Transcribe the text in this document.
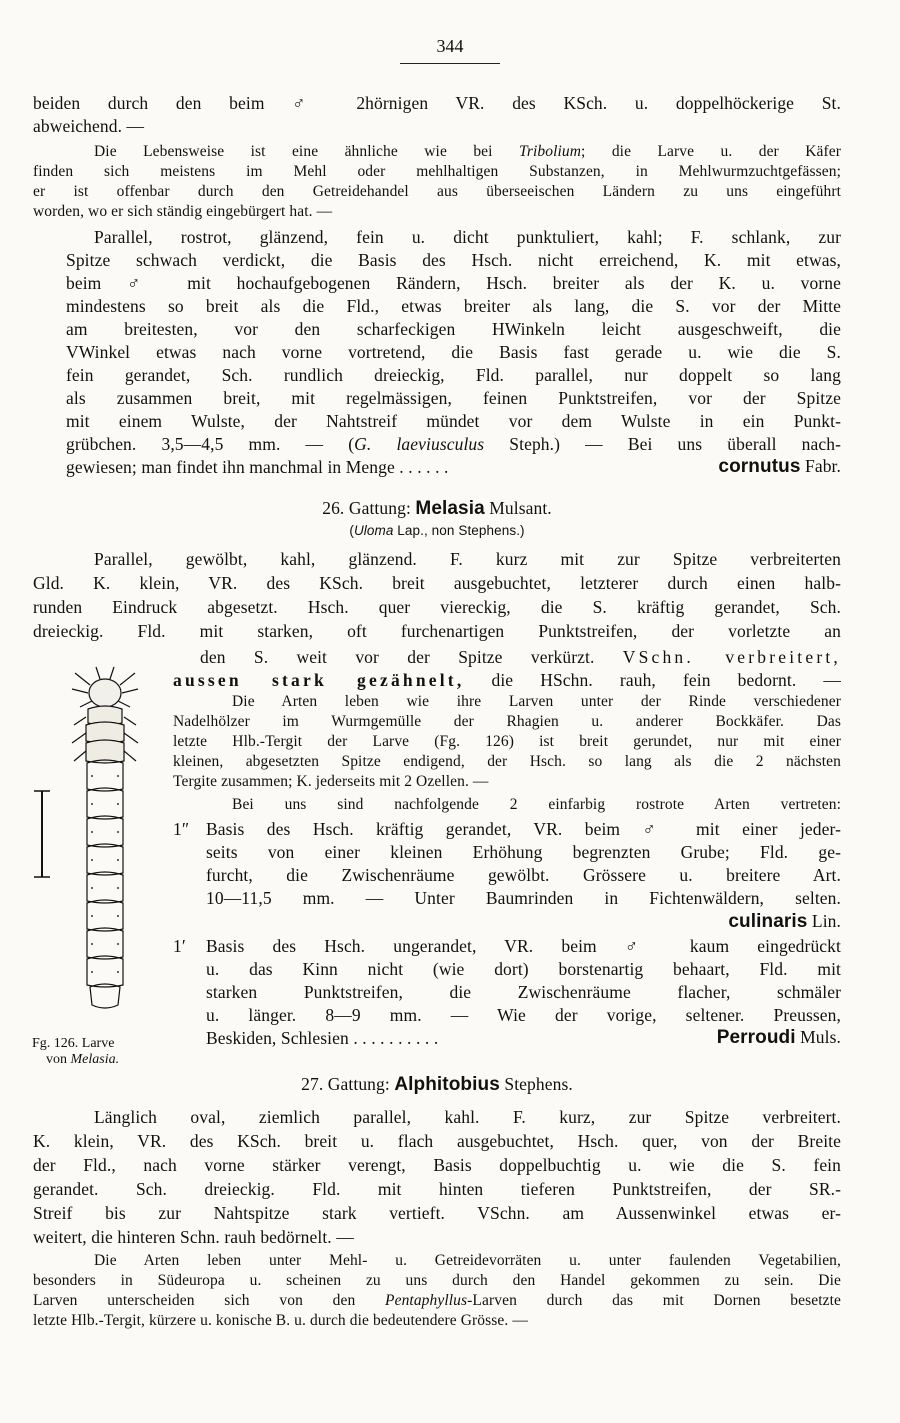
344
beiden durch den beim ♂ 2hörnigen VR. des KSch. u. doppelhöckerige St.
abweichend. —
Die Lebensweise ist eine ähnliche wie bei Tribolium; die Larve u. der Käfer
finden sich meistens im Mehl oder mehlhaltigen Substanzen, in Mehlwurmzuchtgefässen;
er ist offenbar durch den Getreidehandel aus überseeischen Ländern zu uns eingeführt
worden, wo er sich ständig eingebürgert hat. —
Parallel, rostrot, glänzend, fein u. dicht punktuliert, kahl; F. schlank, zur
Spitze schwach verdickt, die Basis des Hsch. nicht erreichend, K. mit etwas,
beim ♂ mit hochaufgebogenen Rändern, Hsch. breiter als der K. u. vorne
mindestens so breit als die Fld., etwas breiter als lang, die S. vor der Mitte
am breitesten, vor den scharfeckigen HWinkeln leicht ausgeschweift, die
VWinkel etwas nach vorne vortretend, die Basis fast gerade u. wie die S.
fein gerandet, Sch. rundlich dreieckig, Fld. parallel, nur doppelt so lang
als zusammen breit, mit regelmässigen, feinen Punktstreifen, vor der Spitze
mit einem Wulste, der Nahtstreif mündet vor dem Wulste in ein Punkt-
grübchen. 3,5—4,5 mm. — (G. laeviusculus Steph.) — Bei uns überall nach-
gewiesen; man findet ihn manchmal in Menge . . . . . .	cornutus Fabr.
26. Gattung: Melasia Mulsant.
(Uloma Lap., non Stephens.)
Parallel, gewölbt, kahl, glänzend. F. kurz mit zur Spitze verbreiterten
Gld. K. klein, VR. des KSch. breit ausgebuchtet, letzterer durch einen halb-
runden Eindruck abgesetzt. Hsch. quer viereckig, die S. kräftig gerandet, Sch.
dreieckig. Fld. mit starken, oft furchenartigen Punktstreifen, der vorletzte an
den S. weit vor der Spitze verkürzt. VSchn. verbreitert,
aussen stark gezähnelt, die HSchn. rauh, fein bedornt. —
Die Arten leben wie ihre Larven unter der Rinde verschiedener
Nadelhölzer im Wurmgemülle der Rhagien u. anderer Bockkäfer. Das
letzte Hlb.-Tergit der Larve (Fg. 126) ist breit gerundet, nur mit einer
kleinen, abgesetzten Spitze endigend, der Hsch. so lang als die 2 nächsten
Tergite zusammen; K. jederseits mit 2 Ozellen. —
Bei uns sind nachfolgende 2 einfarbig rostrote Arten vertreten:
1″ Basis des Hsch. kräftig gerandet, VR. beim ♂ mit einer jeder-
seits von einer kleinen Erhöhung begrenzten Grube; Fld. ge-
furcht, die Zwischenräume gewölbt. Grössere u. breitere Art.
10—11,5 mm. — Unter Baumrinden in Fichtenwäldern, selten.
culinaris Lin.
1′	Basis des Hsch. ungerandet, VR. beim ♂ kaum eingedrückt
u. das Kinn nicht (wie dort) borstenartig behaart, Fld. mit
starken Punktstreifen, die Zwischenräume flacher, schmäler
u. länger. 8—9 mm. — Wie der vorige, seltener. Preussen,
Beskiden, Schlesien . . . . . . . . . .	Perroudi Muls.
Fg. 126. Larve
von Melasia.
27. Gattung: Alphitobius Stephens.
Länglich oval, ziemlich parallel, kahl. F. kurz, zur Spitze verbreitert.
K. klein, VR. des KSch. breit u. flach ausgebuchtet, Hsch. quer, von der Breite
der Fld., nach vorne stärker verengt, Basis doppelbuchtig u. wie die S. fein
gerandet. Sch. dreieckig. Fld. mit hinten tieferen Punktstreifen, der SR.-
Streif bis zur Nahtspitze stark vertieft. VSchn. am Aussenwinkel etwas er-
weitert, die hinteren Schn. rauh bedörnelt. —
Die Arten leben unter Mehl- u. Getreidevorräten u. unter faulenden Vegetabilien,
besonders in Südeuropa u. scheinen zu uns durch den Handel gekommen zu sein. Die
Larven unterscheiden sich von den Pentaphyllus-Larven durch das mit Dornen besetzte
letzte Hlb.-Tergit, kürzere u. konische B. u. durch die bedeutendere Grösse. —
